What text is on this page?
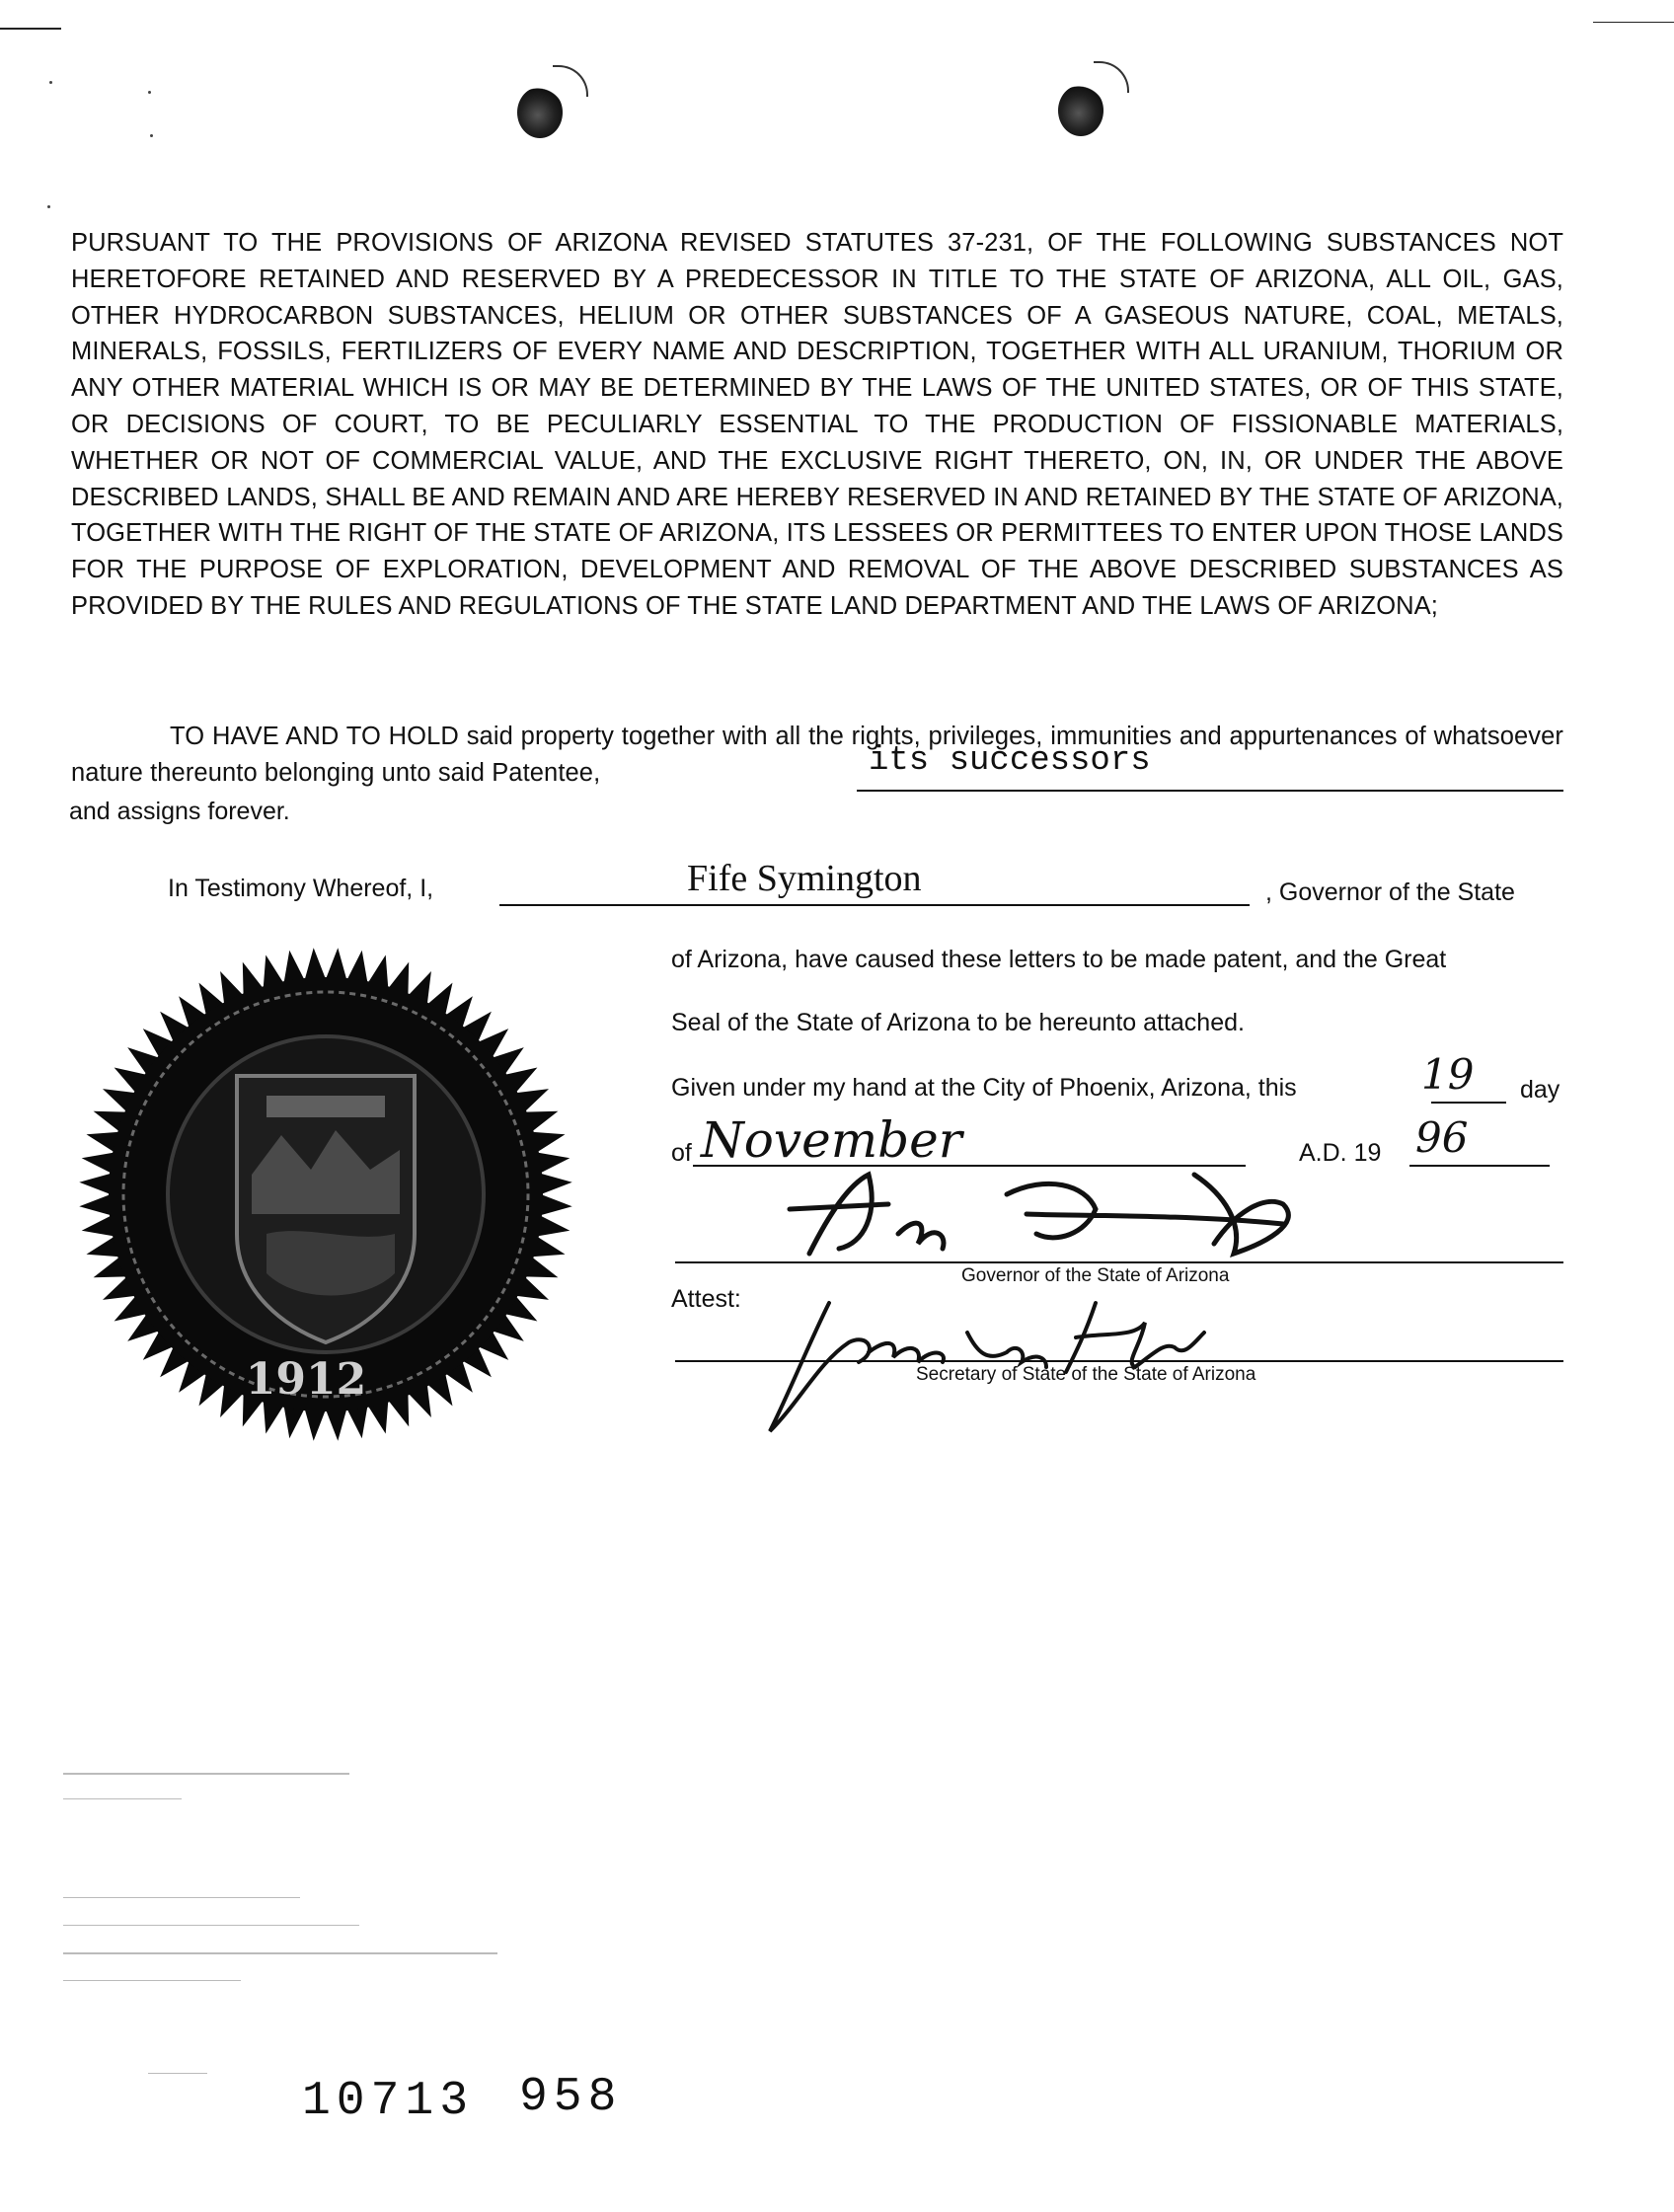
PURSUANT TO THE PROVISIONS OF ARIZONA REVISED STATUTES 37-231, OF THE FOLLOWING SUBSTANCES NOT HERETOFORE RETAINED AND RESERVED BY A PREDECESSOR IN TITLE TO THE STATE OF ARIZONA, ALL OIL, GAS, OTHER HYDROCARBON SUBSTANCES, HELIUM OR OTHER SUBSTANCES OF A GASEOUS NATURE, COAL, METALS, MINERALS, FOSSILS, FERTILIZERS OF EVERY NAME AND DESCRIPTION, TOGETHER WITH ALL URANIUM, THORIUM OR ANY OTHER MATERIAL WHICH IS OR MAY BE DETERMINED BY THE LAWS OF THE UNITED STATES, OR OF THIS STATE, OR DECISIONS OF COURT, TO BE PECULIARLY ESSENTIAL TO THE PRODUCTION OF FISSIONABLE MATERIALS, WHETHER OR NOT OF COMMERCIAL VALUE, AND THE EXCLUSIVE RIGHT THERETO, ON, IN, OR UNDER THE ABOVE DESCRIBED LANDS, SHALL BE AND REMAIN AND ARE HEREBY RESERVED IN AND RETAINED BY THE STATE OF ARIZONA, TOGETHER WITH THE RIGHT OF THE STATE OF ARIZONA, ITS LESSEES OR PERMITTEES TO ENTER UPON THOSE LANDS FOR THE PURPOSE OF EXPLORATION, DEVELOPMENT AND REMOVAL OF THE ABOVE DESCRIBED SUBSTANCES AS PROVIDED BY THE RULES AND REGULATIONS OF THE STATE LAND DEPARTMENT AND THE LAWS OF ARIZONA;
TO HAVE AND TO HOLD said property together with all the rights, privileges, immunities and appurtenances of whatsoever nature thereunto belonging unto said Patentee,	its successors
and assigns forever.
In Testimony Whereof, I,	Fife Symington	, Governor of the State
of Arizona, have caused these letters to be made patent, and the Great
Seal of the State of Arizona to be hereunto attached.
Given under my hand at the City of Phoenix, Arizona, this	19 day
of November	A.D. 19 96
Governor of the State of Arizona
Attest:
Secretary of State of the State of Arizona
1912
10713 958
